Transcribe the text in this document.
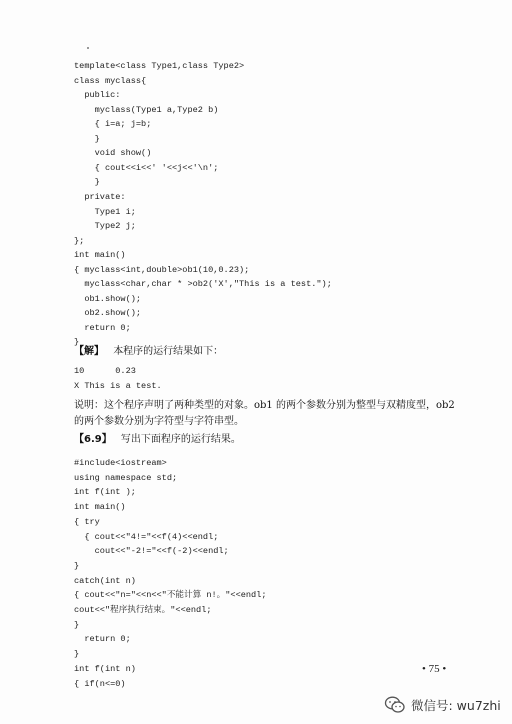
template<class Type1,class Type2>
class myclass{
public:
myclass(Type1 a,Type2 b)
{ i=a; j=b;
}
void show()
{ cout<<i<<' '<<j<<'\n';
}
private:
Type1 i;
Type2 j;
};
int main()
{ myclass<int,double>ob1(10,0.23);
myclass<char,char * >ob2('X',"This is a test.");
ob1.show();
ob2.show();
return 0;
}
【解】 本程序的运行结果如下：
10      0.23
X This is a test.
说明：这个程序声明了两种类型的对象。ob1 的两个参数分别为整型与双精度型，ob2
的两个参数分别为字符型与字符串型。
【6.9】 写出下面程序的运行结果。
#include<iostream>
using namespace std;
int f(int );
int main()
{ try
{ cout<<"4!="<<f(4)<<endl;
cout<<"-2!="<<f(-2)<<endl;
}
catch(int n)
{ cout<<"n="<<n<<"不能计算 n!。"<<endl;
cout<<"程序执行结束。"<<endl;
}
return 0;
}
int f(int n)
{ if(n<=0)
• 75 •
微信号: wu7zhi
